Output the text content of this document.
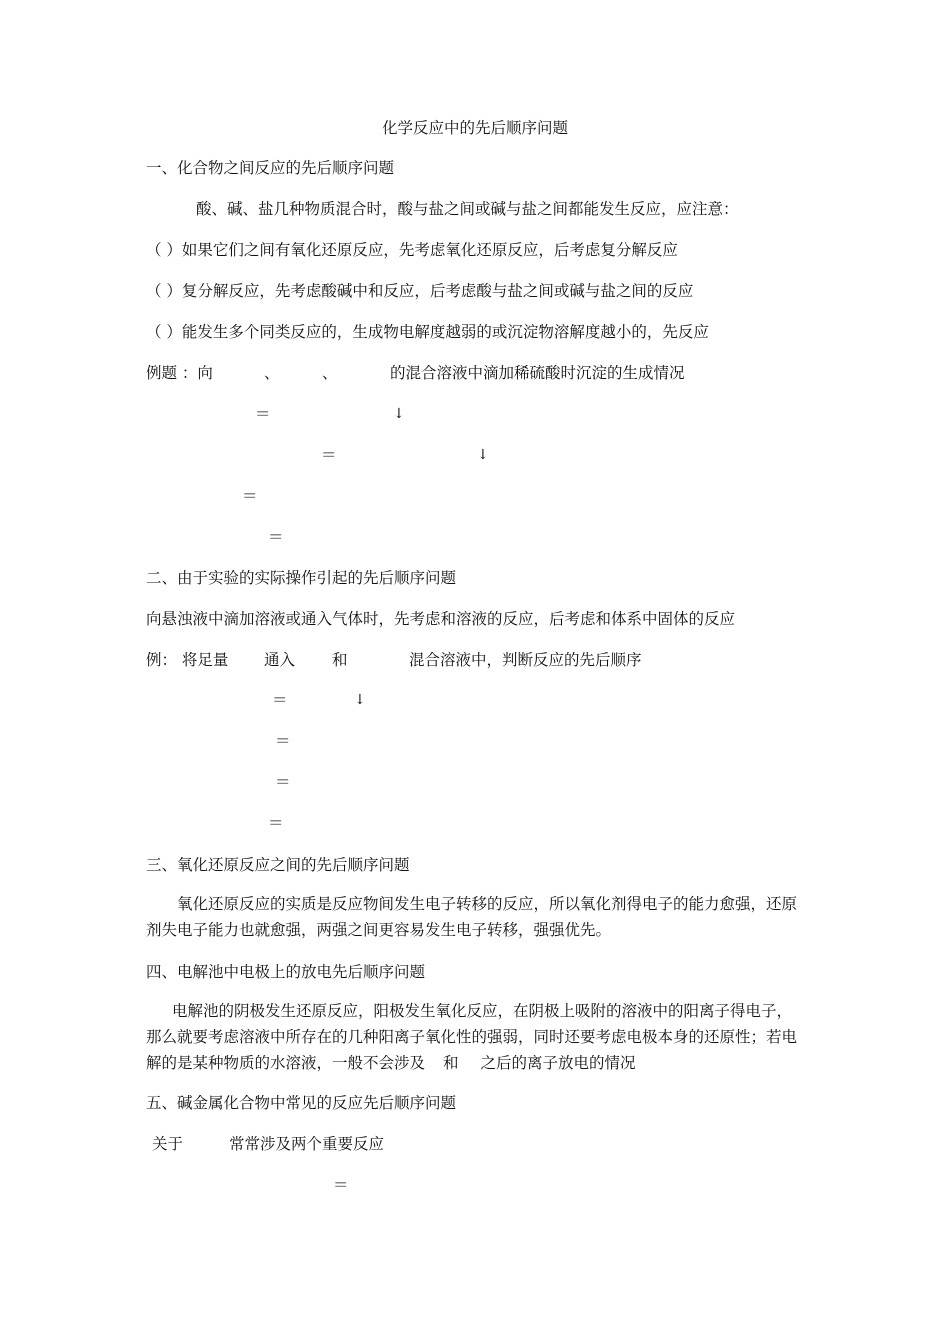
化学反应中的先后顺序问题
一、化合物之间反应的先后顺序问题
酸、碱、盐几种物质混合时，酸与盐之间或碱与盐之间都能发生反应，应注意：
（ ）如果它们之间有氧化还原反应，先考虑氧化还原反应，后考虑复分解反应
（ ）复分解反应，先考虑酸碱中和反应，后考虑酸与盐之间或碱与盐之间的反应
（ ）能发生多个同类反应的，生成物电解度越弱的或沉淀物溶解度越小的，先反应
例题 ：向	、	、	的混合溶液中滴加稀硫酸时沉淀的生成情况
＝	↓
＝	↓
＝
＝
二、由于实验的实际操作引起的先后顺序问题
向悬浊液中滴加溶液或通入气体时，先考虑和溶液的反应，后考虑和体系中固体的反应
例： 将足量 通入 和	混合溶液中，判断反应的先后顺序
＝	↓
＝
＝
＝
三、氧化还原反应之间的先后顺序问题
氧化还原反应的实质是反应物间发生电子转移的反应，所以氧化剂得电子的能力愈强，还原剂失电子能力也就愈强，两强之间更容易发生电子转移，强强优先。
四、电解池中电极上的放电先后顺序问题
电解池的阴极发生还原反应，阳极发生氧化反应，在阴极上吸附的溶液中的阳离子得电子，那么就要考虑溶液中所存在的几种阳离子氧化性的强弱，同时还要考虑电极本身的还原性；若电解的是某种物质的水溶液，一般不会涉及 和 之后的离子放电的情况
五、碱金属化合物中常见的反应先后顺序问题
关于	常常涉及两个重要反应
＝
